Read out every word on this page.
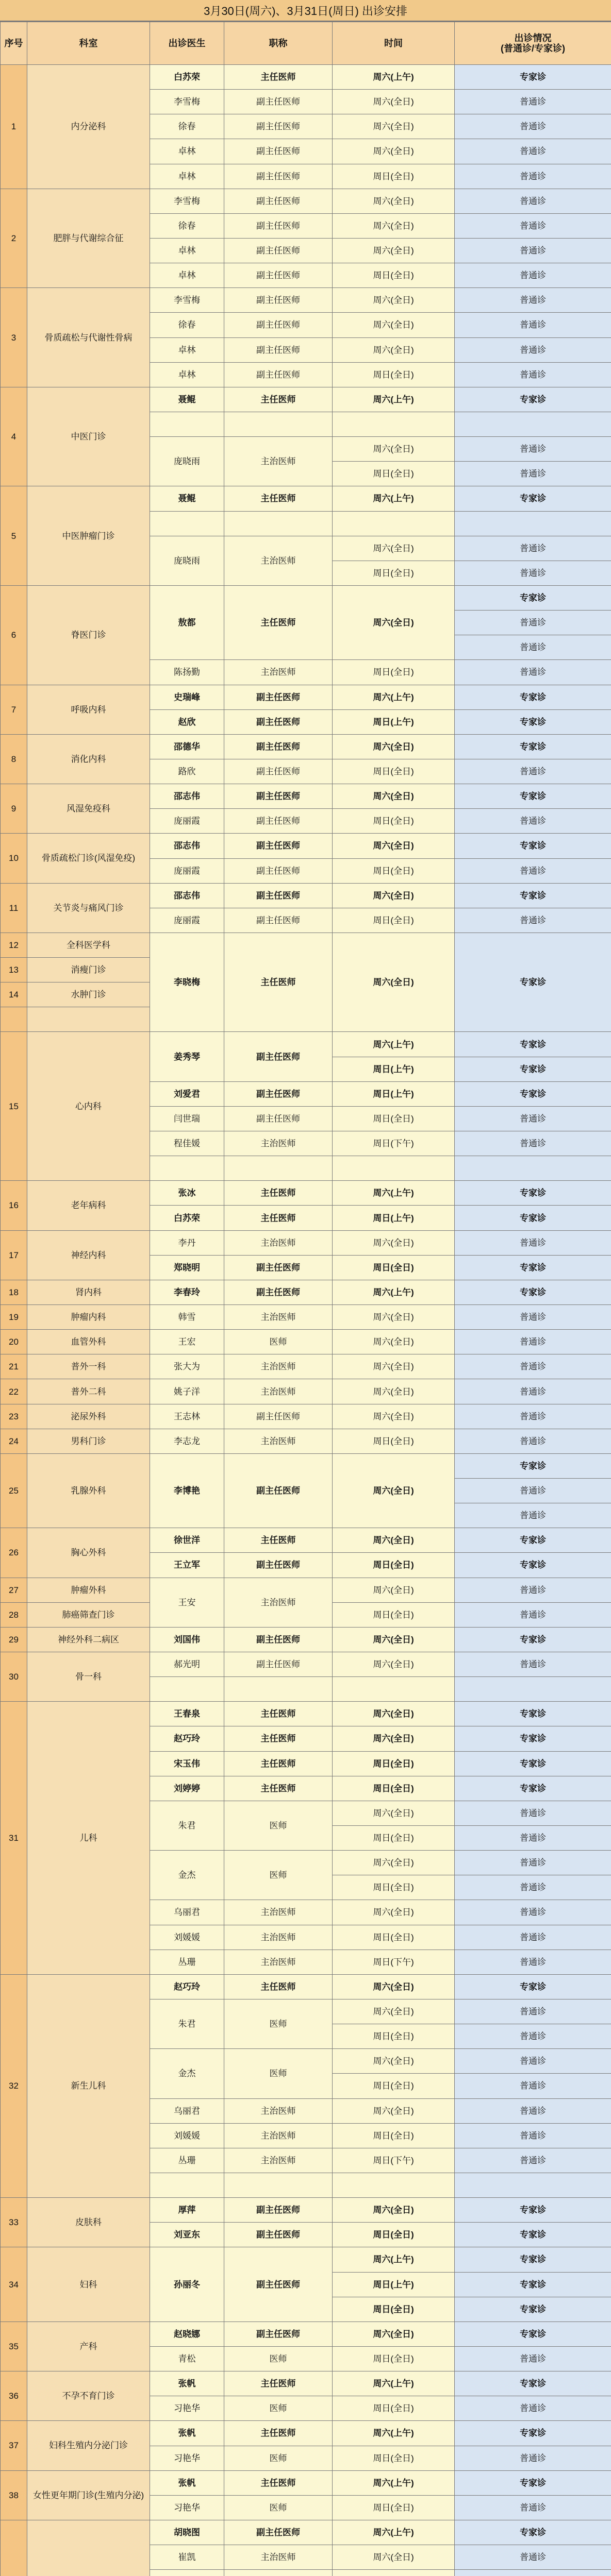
3月30日(周六)、3月31日(周日) 出诊安排
序号	科室	出诊医生	职称	时间	出诊情况
(普通诊/专家诊)
1	内分泌科	白苏荣	主任医师	周六(上午)	专家诊
		李雪梅	副主任医师	周六(全日)	普通诊
		徐春	副主任医师	周六(全日)	普通诊
		卓林	副主任医师	周六(全日)	普通诊
		卓林	副主任医师	周日(全日)	普通诊
2	肥胖与代谢综合征	李雪梅	副主任医师	周六(全日)	普通诊
		徐春	副主任医师	周六(全日)	普通诊
		卓林	副主任医师	周六(全日)	普通诊
		卓林	副主任医师	周日(全日)	普通诊
3	骨质疏松与代谢性骨病	李雪梅	副主任医师	周六(全日)	普通诊
		徐春	副主任医师	周六(全日)	普通诊
		卓林	副主任医师	周六(全日)	普通诊
		卓林	副主任医师	周日(全日)	普通诊
4	中医门诊	聂鲲	主任医师	周六(上午)	专家诊

		庞晓雨	主治医师	周六(全日)	普通诊
				周日(全日)	普通诊
5	中医肿瘤门诊	聂鲲	主任医师	周六(上午)	专家诊

		庞晓雨	主治医师	周六(全日)	普通诊
				周日(全日)	普通诊
6	脊医门诊	敖都	主任医师	周六(全日)	专家诊
					普通诊
					普通诊
		陈扬勤	主治医师	周日(全日)	普通诊
7	呼吸内科	史瑞峰	副主任医师	周六(上午)	专家诊
		赵欣	副主任医师	周日(上午)	专家诊
8	消化内科	邵德华	副主任医师	周六(全日)	专家诊
		路欣	副主任医师	周日(全日)	普通诊
9	风湿免疫科	邵志伟	副主任医师	周六(全日)	专家诊
		庞丽霞	副主任医师	周日(全日)	普通诊
10	骨质疏松门诊(风湿免疫)	邵志伟	副主任医师	周六(全日)	专家诊
		庞丽霞	副主任医师	周日(全日)	普通诊
11	关节炎与痛风门诊	邵志伟	副主任医师	周六(全日)	专家诊
		庞丽霞	副主任医师	周日(全日)	普通诊
12	全科医学科	李晓梅	主任医师	周六(全日)	专家诊
13	消瘦门诊				
14	水肿门诊				

15	心内科	姜秀琴	副主任医师	周六(上午)	专家诊
				周日(上午)	专家诊
		刘爱君	副主任医师	周日(上午)	专家诊
		闫世瑞	副主任医师	周日(全日)	普通诊
		程佳媛	主治医师	周日(下午)	普通诊

16	老年病科	张冰	主任医师	周六(上午)	专家诊
		白苏荣	主任医师	周日(上午)	专家诊
17	神经内科	李丹	主治医师	周六(全日)	普通诊
		郑晓明	副主任医师	周日(全日)	专家诊
18	肾内科	李春玲	副主任医师	周六(上午)	专家诊
19	肿瘤内科	韩雪	主治医师	周六(全日)	普通诊
20	血管外科	王宏	医师	周六(全日)	普通诊
21	普外一科	张大为	主治医师	周六(全日)	普通诊
22	普外二科	姚子洋	主治医师	周六(全日)	普通诊
23	泌尿外科	王志林	副主任医师	周六(全日)	普通诊
24	男科门诊	李志龙	主治医师	周日(全日)	普通诊
25	乳腺外科	李博艳	副主任医师	周六(全日)	专家诊
					普通诊
					普通诊
26	胸心外科	徐世洋	主任医师	周六(全日)	专家诊
		王立军	副主任医师	周日(全日)	专家诊
27	肿瘤外科	王安	主治医师	周六(全日)	普通诊
28	肺癌筛查门诊			周日(全日)	普通诊
29	神经外科二病区	刘国伟	副主任医师	周六(全日)	专家诊
30	骨一科	郝光明	副主任医师	周六(全日)	普通诊

31	儿科	王春泉	主任医师	周六(全日)	专家诊
		赵巧玲	主任医师	周六(全日)	专家诊
		宋玉伟	主任医师	周日(全日)	专家诊
		刘婷婷	主任医师	周日(全日)	专家诊
		朱君	医师	周六(全日)	普通诊
				周日(全日)	普通诊
		金杰	医师	周六(全日)	普通诊
				周日(全日)	普通诊
		乌丽君	主治医师	周六(全日)	普通诊
		刘媛媛	主治医师	周日(全日)	普通诊
		丛珊	主治医师	周日(下午)	普通诊
32	新生儿科	赵巧玲	主任医师	周六(全日)	专家诊
		朱君	医师	周六(全日)	普通诊
				周日(全日)	普通诊
		金杰	医师	周六(全日)	普通诊
				周日(全日)	普通诊
		乌丽君	主治医师	周六(全日)	普通诊
		刘媛媛	主治医师	周日(全日)	普通诊
		丛珊	主治医师	周日(下午)	普通诊

33	皮肤科	厚萍	副主任医师	周六(全日)	专家诊
		刘亚东	副主任医师	周日(全日)	专家诊
34	妇科	孙丽冬	副主任医师	周六(上午)	专家诊
				周日(上午)	专家诊
				周日(全日)	专家诊
35	产科	赵晓娜	副主任医师	周六(全日)	专家诊
		青松	医师	周日(全日)	普通诊
36	不孕不育门诊	张帆	主任医师	周六(上午)	专家诊
		习艳华	医师	周日(全日)	普通诊
37	妇科生殖内分泌门诊	张帆	主任医师	周六(上午)	专家诊
		习艳华	医师	周日(全日)	普通诊
38	女性更年期门诊(生殖内分泌)	张帆	主任医师	周六(上午)	专家诊
		习艳华	医师	周日(全日)	普通诊
		胡晓图	副主任医师	周六(上午)	专家诊
		崔凯	主治医师	周六(全日)	普通诊
